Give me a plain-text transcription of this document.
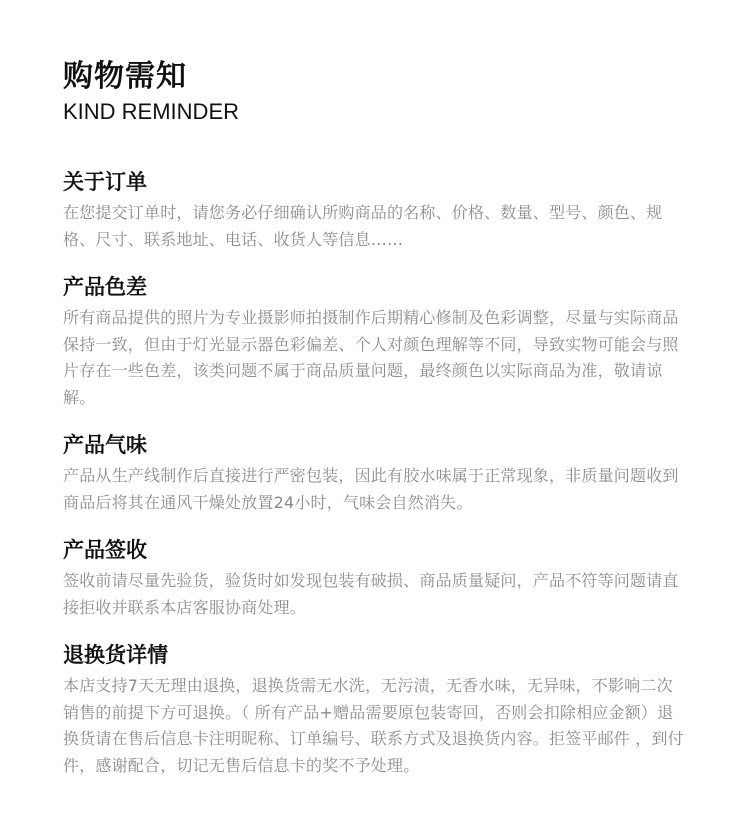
购物需知
KIND REMINDER
关于订单

在您提交订单时，请您务必仔细确认所购商品的名称、价格、数量、型号、颜色、规格、尺寸、联系地址、电话、收货人等信息……

产品色差

所有商品提供的照片为专业摄影师拍摄制作后期精心修制及色彩调整，尽量与实际商品保持一致，但由于灯光显示器色彩偏差、个人对颜色理解等不同，导致实物可能会与照片存在一些色差，该类问题不属于商品质量问题，最终颜色以实际商品为准，敬请谅解。

产品气味

产品从生产线制作后直接进行严密包装，因此有胶水味属于正常现象，非质量问题收到商品后将其在通风干燥处放置24小时，气味会自然消失。

产品签收

签收前请尽量先验货，验货时如发现包装有破损、商品质量疑问，产品不符等问题请直接拒收并联系本店客服协商处理。

退换货详情

本店支持7天无理由退换，退换货需无水洗，无污渍，无香水味，无异味，不影响二次销售的前提下方可退换。（ 所有产品+赠品需要原包装寄回，否则会扣除相应金额）退换货请在售后信息卡注明昵称、订单编号、联系方式及退换货内容。拒签平邮件 ，到付件，感谢配合，切记无售后信息卡的奖不予处理。
